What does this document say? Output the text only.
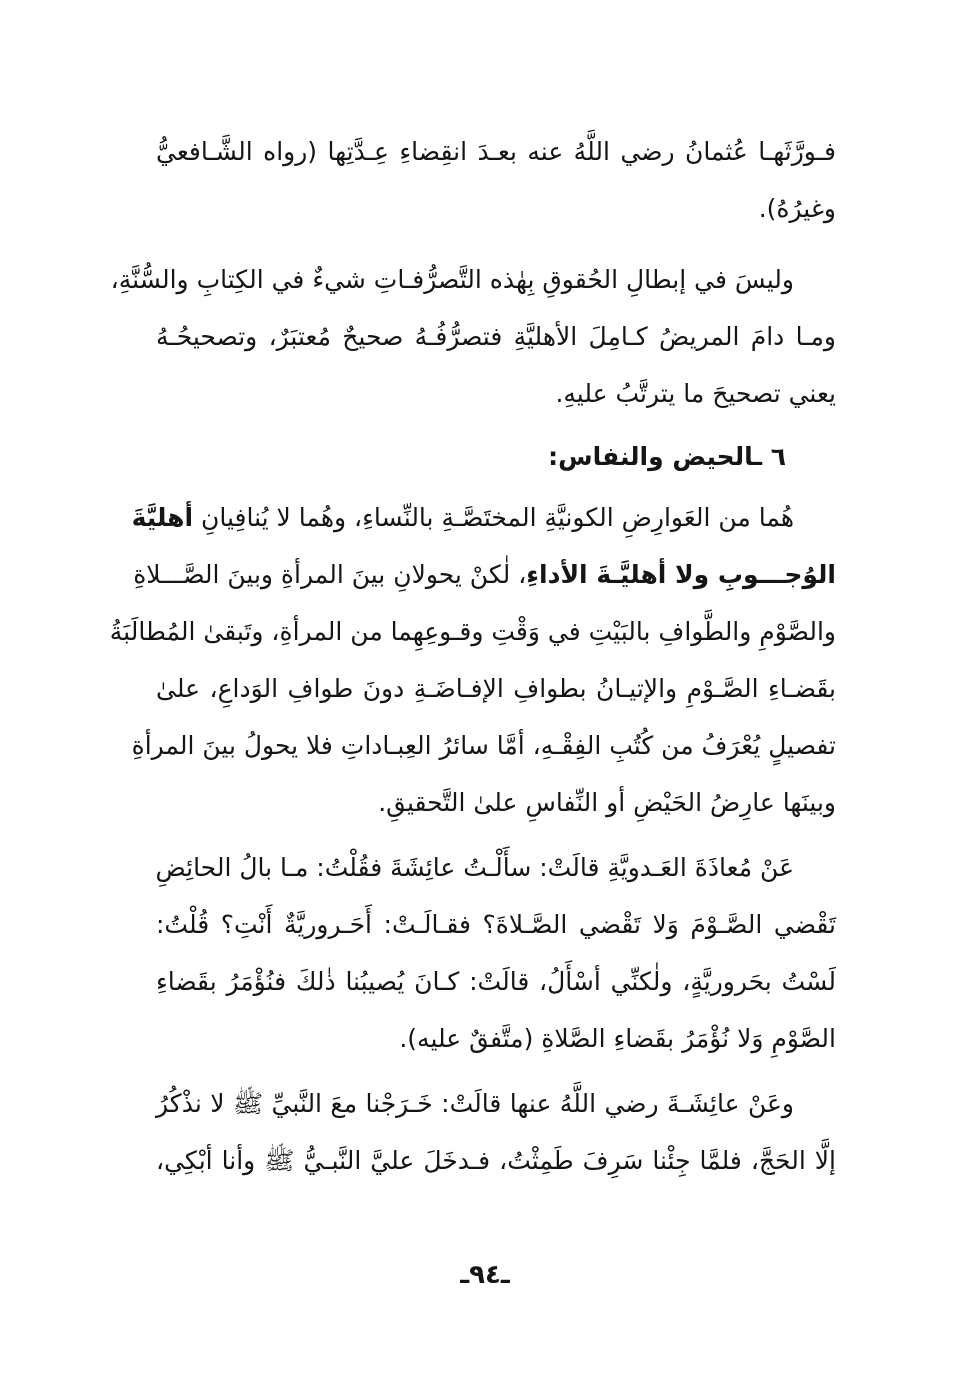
فـورَّثَهـا عُثمانُ رضي اللَّهُ عنه بعـدَ انقِضاءِ عِـدَّتِها (رواه الشَّـافعيُّ
وغيرُهُ).
وليسَ في إبطالِ الحُقوقِ بِهٰذه التَّصرُّفـاتِ شيءٌ في الكِتابِ والسُّنَّةِ،
ومـا دامَ المريضُ كـامِلَ الأهليَّةِ فتصرُّفُـهُ صحيحٌ مُعتبَرٌ، وتصحيحُـهُ
يعني تصحيحَ ما يترتَّبُ عليهِ.
٦ ـالحيض والنفاس:
هُما من العَوارِضِ الكونيَّةِ المختَصَّـةِ بالنِّساءِ، وهُما لا يُنافِيانِ أهليَّةَ
الوُجـــوبِ ولا أهليَّـةَ الأداءِ، لٰكنْ يحولانِ بينَ المرأةِ وبينَ الصَّـــلاةِ
والصَّوْمِ والطَّوافِ بالبَيْتِ في وَقْتِ وقـوعِهِما من المرأةِ، وتَبقىٰ المُطالَبَةُ
بقَضـاءِ الصَّـوْمِ والإتيـانُ بطوافِ الإفـاضَـةِ دونَ طوافِ الوَداعِ، علىٰ
تفصيلٍ يُعْرَفُ من كُتُبِ الفِقْـهِ، أمَّا سائرُ العِبـاداتِ فلا يحولُ بينَ المرأةِ
وبينَها عارِضُ الحَيْضِ أو النِّفاسِ علىٰ التَّحقيقِ.
عَنْ مُعاذَةَ العَـدويَّةِ قالَتْ: سأَلْـتُ عائِشَةَ فقُلْتُ: مـا بالُ الحائِضِ
تَقْضي الصَّـوْمَ وَلا تَقْضي الصَّـلاةَ؟ فقـالَـتْ: أَحَـروريَّةٌ أَنْتِ؟ قُلْتُ:
لَسْتُ بحَروريَّةٍ، ولٰكنِّي أسْأَلُ، قالَتْ: كـانَ يُصيبُنا ذٰلكَ فنُؤْمَرُ بقَضاءِ
الصَّوْمِ وَلا نُؤْمَرُ بقَضاءِ الصَّلاةِ (متَّفقٌ عليه).
وعَنْ عائِشَـةَ رضي اللَّهُ عنها قالَتْ: خَـرَجْنا معَ النَّبيِّ ﷺ لا نذْكُرُ
إلَّا الحَجَّ، فلمَّا جِئْنا سَرِفَ طَمِثْتُ، فـدخَلَ عليَّ النَّبـيُّ ﷺ وأنا أبْكِي،
ـ٩٤ـ
